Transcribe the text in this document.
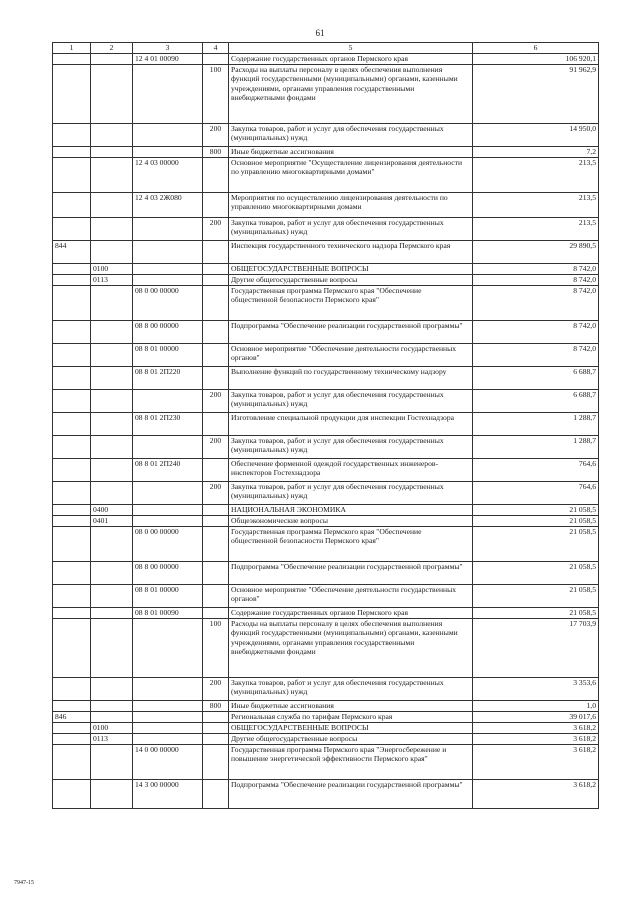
61
1	2	3	4	5	6
		12 4 01 00090		Содержание государственных органов Пермского края	106 920,1
			100	Расходы на выплаты персоналу в целях обеспечения выполнения функций государственными (муниципальными) органами, казенными учреждениями, органами управления государственными внебюджетными фондами	91 962,9
			200	Закупка товаров, работ и услуг для обеспечения государственных (муниципальных) нужд	14 950,0
			800	Иные бюджетные ассигнования	7,2
		12 4 03 00000		Основное мероприятие "Осуществление лицензирования деятельности по управлению многоквартирными домами"	213,5
		12 4 03 2Ж080		Мероприятия по осуществлению лицензирования деятельности по управлению многоквартирными домами	213,5
			200	Закупка товаров, работ и услуг для обеспечения государственных (муниципальных) нужд	213,5
844				Инспекция государственного технического надзора Пермского края	29 890,5
	0100			ОБЩЕГОСУДАРСТВЕННЫЕ ВОПРОСЫ	8 742,0
	0113			Другие общегосударственные вопросы	8 742,0
		08 0 00 00000		Государственная программа Пермского края "Обеспечение общественной безопасности Пермского края"	8 742,0
		08 8 00 00000		Подпрограмма "Обеспечение реализации государственной программы"	8 742,0
		08 8 01 00000		Основное мероприятие "Обеспечение деятельности государственных органов"	8 742,0
		08 8 01 2П220		Выполнение функций по государственному техническому надзору	6 688,7
			200	Закупка товаров, работ и услуг для обеспечения государственных (муниципальных) нужд	6 688,7
		08 8 01 2П230		Изготовление специальной продукции для инспекции Гостехнадзора	1 288,7
			200	Закупка товаров, работ и услуг для обеспечения государственных (муниципальных) нужд	1 288,7
		08 8 01 2П240		Обеспечение форменной одеждой государственных инженеров-инспекторов Гостехнадзора	764,6
			200	Закупка товаров, работ и услуг для обеспечения государственных (муниципальных) нужд	764,6
	0400			НАЦИОНАЛЬНАЯ ЭКОНОМИКА	21 058,5
	0401			Общеэкономические вопросы	21 058,5
		08 0 00 00000		Государственная программа Пермского края "Обеспечение общественной безопасности Пермского края"	21 058,5
		08 8 00 00000		Подпрограмма "Обеспечение реализации государственной программы"	21 058,5
		08 8 01 00000		Основное мероприятие "Обеспечение деятельности государственных органов"	21 058,5
		08 8 01 00090		Содержание государственных органов Пермского края	21 058,5
			100	Расходы на выплаты персоналу в целях обеспечения выполнения функций государственными (муниципальными) органами, казенными учреждениями, органами управления государственными внебюджетными фондами	17 703,9
			200	Закупка товаров, работ и услуг для обеспечения государственных (муниципальных) нужд	3 353,6
			800	Иные бюджетные ассигнования	1,0
846				Региональная служба по тарифам Пермского края	39 017,6
	0100			ОБЩЕГОСУДАРСТВЕННЫЕ ВОПРОСЫ	3 618,2
	0113			Другие общегосударственные вопросы	3 618,2
		14 0 00 00000		Государственная программа Пермского края "Энергосбережение и повышение энергетической эффективности Пермского края"	3 618,2
		14 3 00 00000		Подпрограмма "Обеспечение реализации государственной программы"	3 618,2
7947-15
